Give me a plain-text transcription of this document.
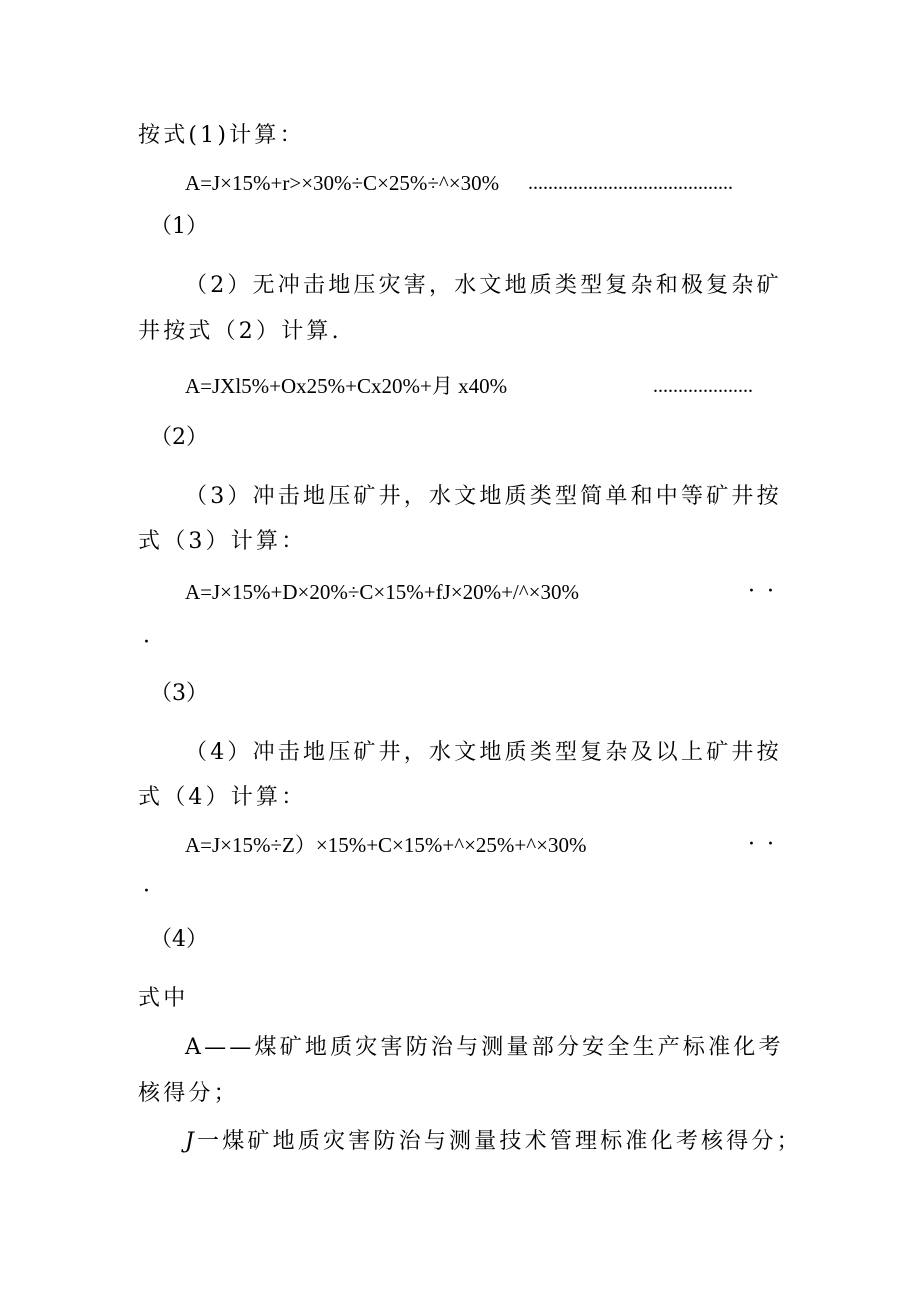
按式(1)计算：
A=J×15%+r>×30%÷C×25%÷^×30% .........................................
（1）
（2）无冲击地压灾害，水文地质类型复杂和极复杂矿
井按式（2）计算.
A=JXl5%+Ox25%+Cx20%+月 x40%	....................
（2）
（3）冲击地压矿井，水文地质类型简单和中等矿井按
式（3）计算：
A=J×15%+D×20%÷C×15%+fJ×20%+/^×30%	··
·
（3）
（4）冲击地压矿井，水文地质类型复杂及以上矿井按
式（4）计算：
A=J×15%÷Z）×15%+C×15%+^×25%+^×30%	··
·
（4）
式中
A——煤矿地质灾害防治与测量部分安全生产标准化考
核得分；
J一煤矿地质灾害防治与测量技术管理标准化考核得分；
